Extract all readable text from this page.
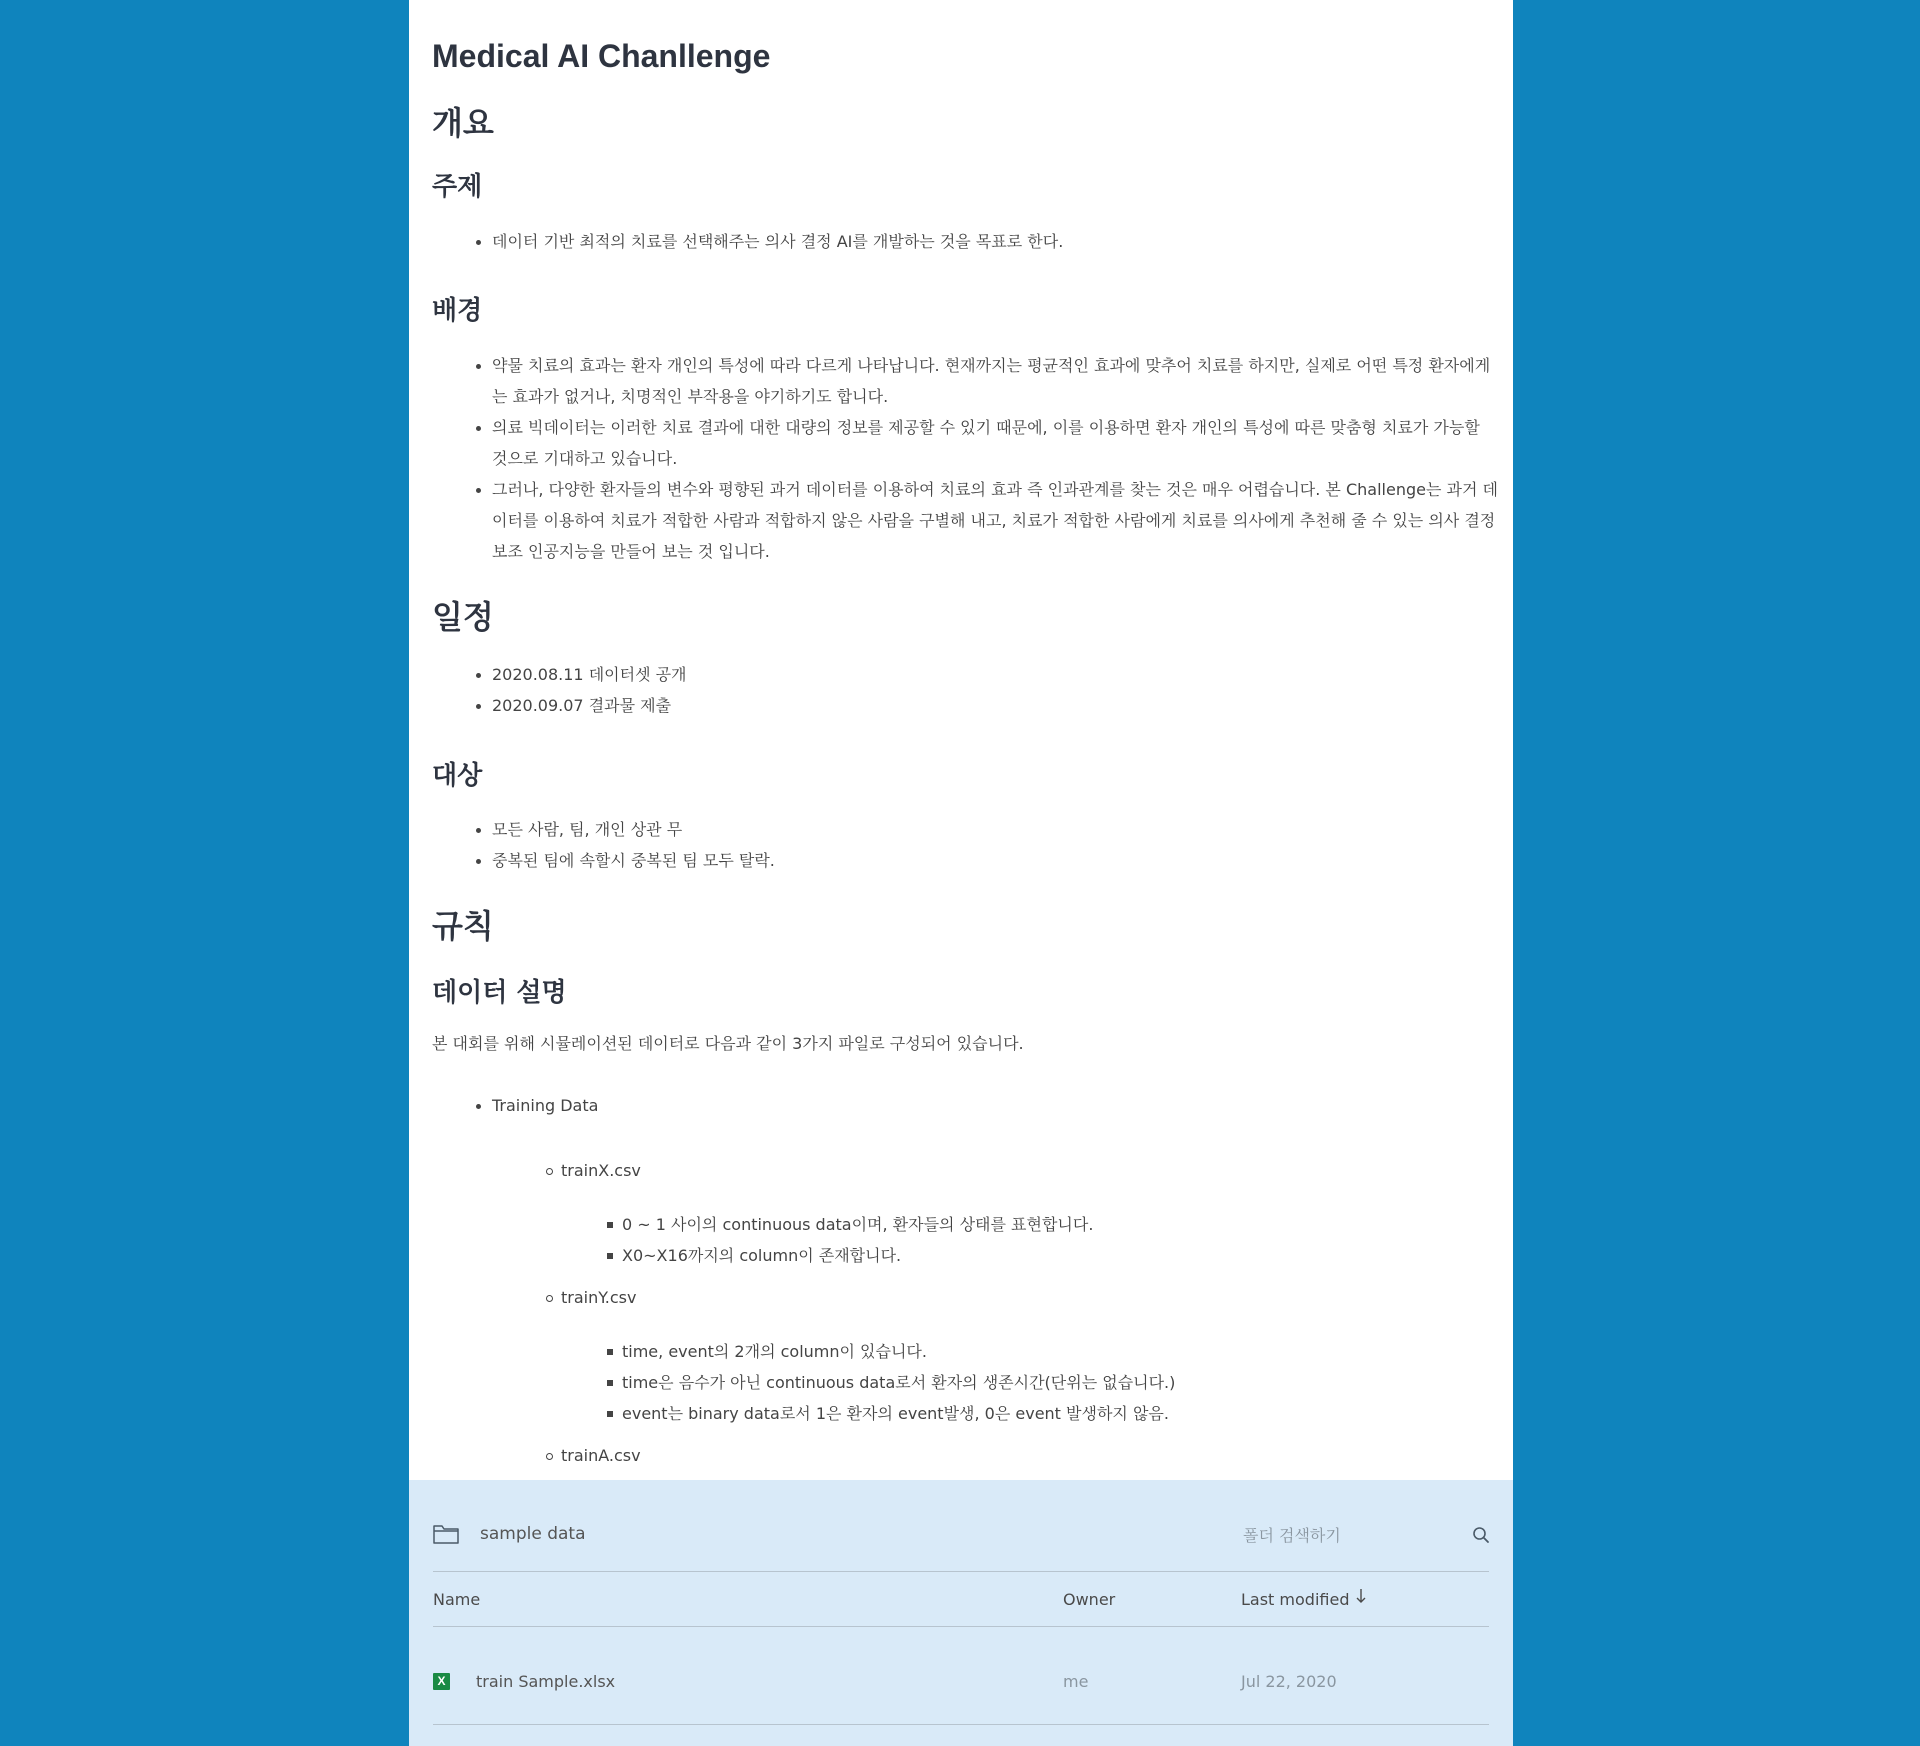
Medical AI Chanllenge
개요
주제
데이터 기반 최적의 치료를 선택해주는 의사 결정 AI를 개발하는 것을 목표로 한다.
배경
약물 치료의 효과는 환자 개인의 특성에 따라 다르게 나타납니다. 현재까지는 평균적인 효과에 맞추어 치료를 하지만, 실제로 어떤 특정 환자에게는 효과가 없거나, 치명적인 부작용을 야기하기도 합니다.
의료 빅데이터는 이러한 치료 결과에 대한 대량의 정보를 제공할 수 있기 때문에, 이를 이용하면 환자 개인의 특성에 따른 맞춤형 치료가 가능할 것으로 기대하고 있습니다.
그러나, 다양한 환자들의 변수와 평향된 과거 데이터를 이용하여 치료의 효과 즉 인과관계를 찾는 것은 매우 어렵습니다. 본 Challenge는 과거 데이터를 이용하여 치료가 적합한 사람과 적합하지 않은 사람을 구별해 내고, 치료가 적합한 사람에게 치료를 의사에게 추천해 줄 수 있는 의사 결정 보조 인공지능을 만들어 보는 것 입니다.
일정
2020.08.11 데이터셋 공개
2020.09.07 결과물 제출
대상
모든 사람, 팀, 개인 상관 무
중복된 팀에 속할시 중복된 팀 모두 탈락.
규칙
데이터 설명
본 대회를 위해 시뮬레이션된 데이터로 다음과 같이 3가지 파일로 구성되어 있습니다.
Training Data
trainX.csv
0 ~ 1 사이의 continuous data이며, 환자들의 상태를 표현합니다.
X0~X16까지의 column이 존재합니다.
trainY.csv
time, event의 2개의 column이 있습니다.
time은 음수가 아닌 continuous data로서 환자의 생존시간(단위는 없습니다.)
event는 binary data로서 1은 환자의 event발생, 0은 event 발생하지 않음.
trainA.csv
sample data	폴더 검색하기
Name	Owner	Last modified
X train Sample.xlsx	me	Jul 22, 2020
